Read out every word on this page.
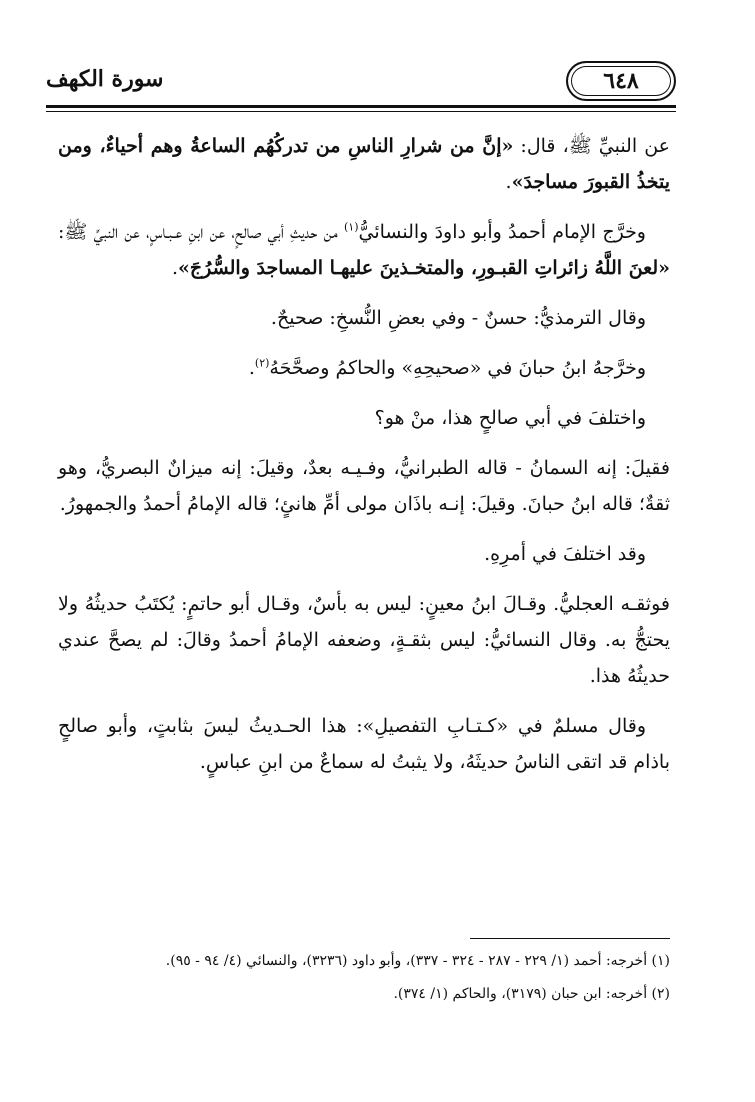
٦٤٨
سورة الكهف

عن النبيِّ ﷺ، قال: «إنَّ من شرارِ الناسِ من تدركُهُم الساعةُ وهم أحياءٌ، ومن يتخذُ القبورَ مساجدَ».

وخرَّج الإمام أحمدُ وأبو داودَ والنسائيُّ$^{(١)}$ من حديثِ أبي صالحٍ، عن ابنِ عـبـاسٍ، عن النبيِّ ﷺ: «لعنَ اللَّهُ زائراتِ القبـورِ، والمتخـذينَ عليهـا المساجدَ والسُّرُجَ».

وقال الترمذيُّ: حسنٌ - وفي بعضِ النُّسخِ: صحيحٌ.

وخرَّجهُ ابنُ حبانَ في «صحيحِهِ» والحاكمُ وصحَّحَهُ$^{(٢)}$.

واختلفَ في أبي صالحٍ هذا، منْ هو؟

فقيلَ: إنه السمانُ - قاله الطبرانيُّ، وفـيـه بعدٌ، وقيلَ: إنه ميزانٌ البصريُّ، وهو ثقةٌ؛ قاله ابنُ حبانَ. وقيلَ: إنـه باذَان مولى أمِّ هانئٍ؛ قاله الإمامُ أحمدُ والجمهورُ.

وقد اختلفَ في أمرِهِ.

فوثقـه العجليُّ. وقـالَ ابنُ معينٍ: ليس به بأسٌ، وقـال أبو حاتمٍ: يُكتَبُ حديثُهُ ولا يحتجُّ به. وقال النسائيُّ: ليس بثقـةٍ، وضعفه الإمامُ أحمدُ وقالَ: لم يصحَّ عندي حديثُهُ هذا.

وقال مسلمٌ في «كـتـابِ التفصيلِ»: هذا الحـديثُ ليسَ بثابتٍ، وأبو صالحٍ باذام قد اتقى الناسُ حديثَهُ، ولا يثبتُ له سماعٌ من ابنِ عباسٍ.

(١) أخرجه: أحمد (١/ ٢٢٩ - ٢٨٧ - ٣٢٤ - ٣٣٧)، وأبو داود (٣٢٣٦)، والنسائي (٤/ ٩٤ - ٩٥).

(٢) أخرجه: ابن حبان (٣١٧٩)، والحاكم (١/ ٣٧٤).
